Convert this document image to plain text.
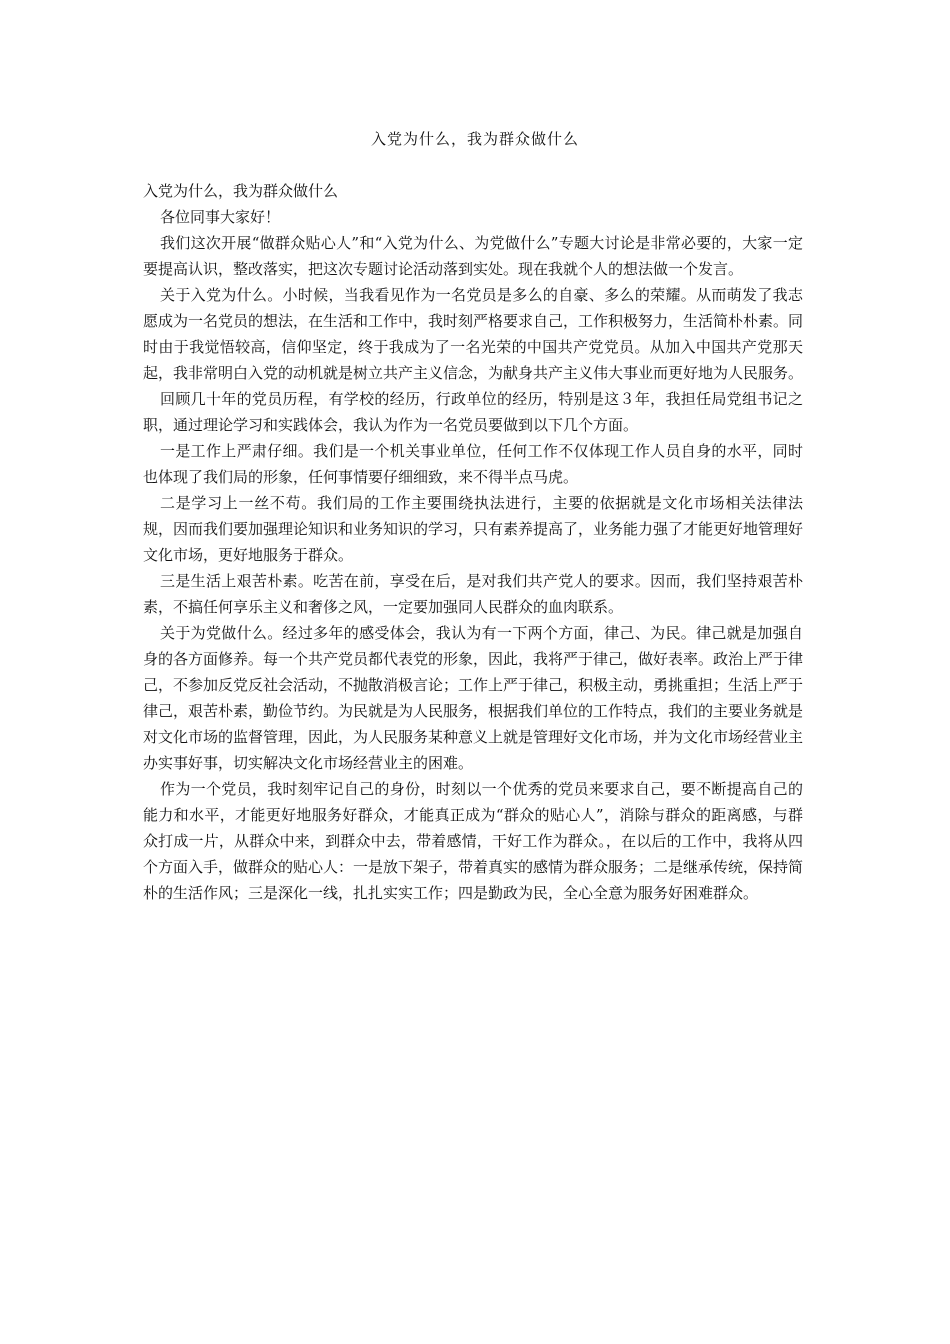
入党为什么，我为群众做什么

入党为什么，我为群众做什么

各位同事大家好！

我们这次开展“做群众贴心人”和“入党为什么、为党做什么”专题大讨论是非常必要的，大家一定要提高认识，整改落实，把这次专题讨论活动落到实处。现在我就个人的想法做一个发言。

关于入党为什么。小时候，当我看见作为一名党员是多么的自豪、多么的荣耀。从而萌发了我志愿成为一名党员的想法，在生活和工作中，我时刻严格要求自己，工作积极努力，生活简朴朴素。同时由于我觉悟较高，信仰坚定，终于我成为了一名光荣的中国共产党党员。从加入中国共产党那天起，我非常明白入党的动机就是树立共产主义信念，为献身共产主义伟大事业而更好地为人民服务。

回顾几十年的党员历程，有学校的经历，行政单位的经历，特别是这３年，我担任局党组书记之职，通过理论学习和实践体会，我认为作为一名党员要做到以下几个方面。

一是工作上严肃仔细。我们是一个机关事业单位，任何工作不仅体现工作人员自身的水平，同时也体现了我们局的形象，任何事情要仔细细致，来不得半点马虎。

二是学习上一丝不苟。我们局的工作主要围绕执法进行，主要的依据就是文化市场相关法律法规，因而我们要加强理论知识和业务知识的学习，只有素养提高了，业务能力强了才能更好地管理好文化市场，更好地服务于群众。

三是生活上艰苦朴素。吃苦在前，享受在后，是对我们共产党人的要求。因而，我们坚持艰苦朴素，不搞任何享乐主义和奢侈之风，一定要加强同人民群众的血肉联系。

关于为党做什么。经过多年的感受体会，我认为有一下两个方面，律己、为民。律己就是加强自身的各方面修养。每一个共产党员都代表党的形象，因此，我将严于律己，做好表率。政治上严于律己，不参加反党反社会活动，不抛散消极言论；工作上严于律己，积极主动，勇挑重担；生活上严于律己，艰苦朴素，勤俭节约。为民就是为人民服务，根据我们单位的工作特点，我们的主要业务就是对文化市场的监督管理，因此，为人民服务某种意义上就是管理好文化市场，并为文化市场经营业主办实事好事，切实解决文化市场经营业主的困难。

作为一个党员，我时刻牢记自己的身份，时刻以一个优秀的党员来要求自己，要不断提高自己的能力和水平，才能更好地服务好群众，才能真正成为“群众的贴心人”，消除与群众的距离感，与群众打成一片，从群众中来，到群众中去，带着感情，干好工作为群众。，在以后的工作中，我将从四个方面入手，做群众的贴心人：一是放下架子，带着真实的感情为群众服务；二是继承传统，保持简朴的生活作风；三是深化一线，扎扎实实工作；四是勤政为民，全心全意为服务好困难群众。
